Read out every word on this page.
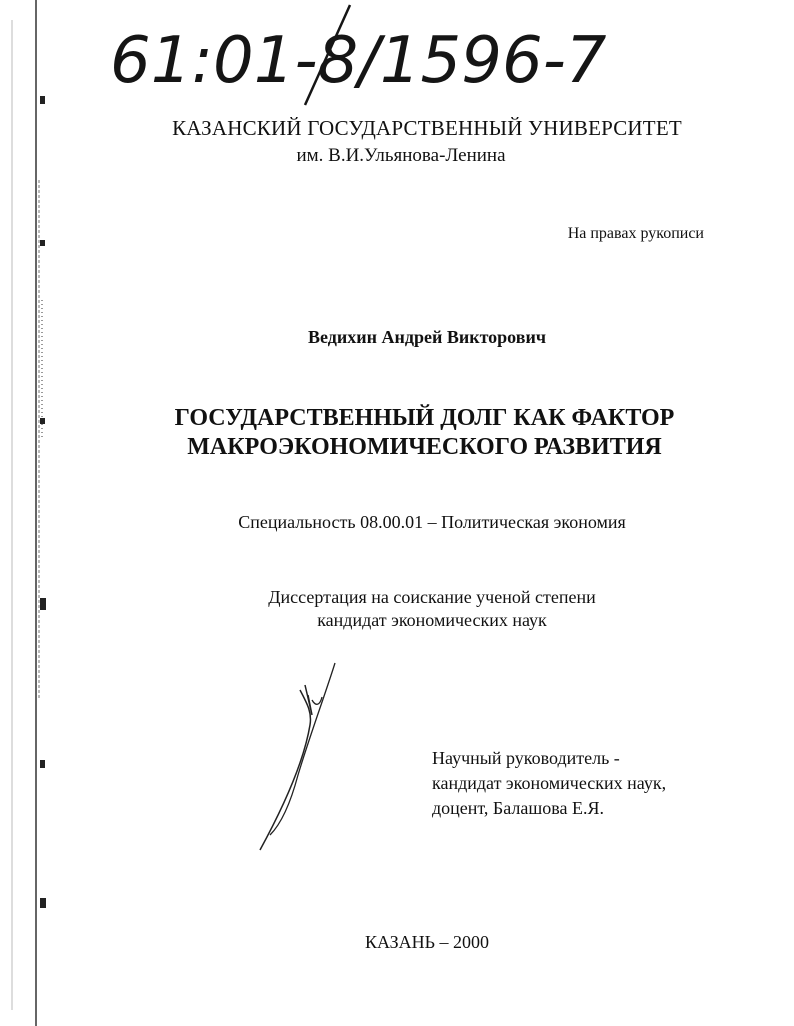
61:01-8/1596-7
КАЗАНСКИЙ ГОСУДАРСТВЕННЫЙ УНИВЕРСИТЕТ
им. В.И.Ульянова-Ленина
На правах рукописи
Ведихин Андрей Викторович
ГОСУДАРСТВЕННЫЙ ДОЛГ КАК ФАКТОР
МАКРОЭКОНОМИЧЕСКОГО РАЗВИТИЯ
Специальность 08.00.01 – Политическая экономия
Диссертация на соискание ученой степени
кандидат экономических наук
Научный руководитель -
кандидат экономических наук,
доцент, Балашова Е.Я.
КАЗАНЬ – 2000
